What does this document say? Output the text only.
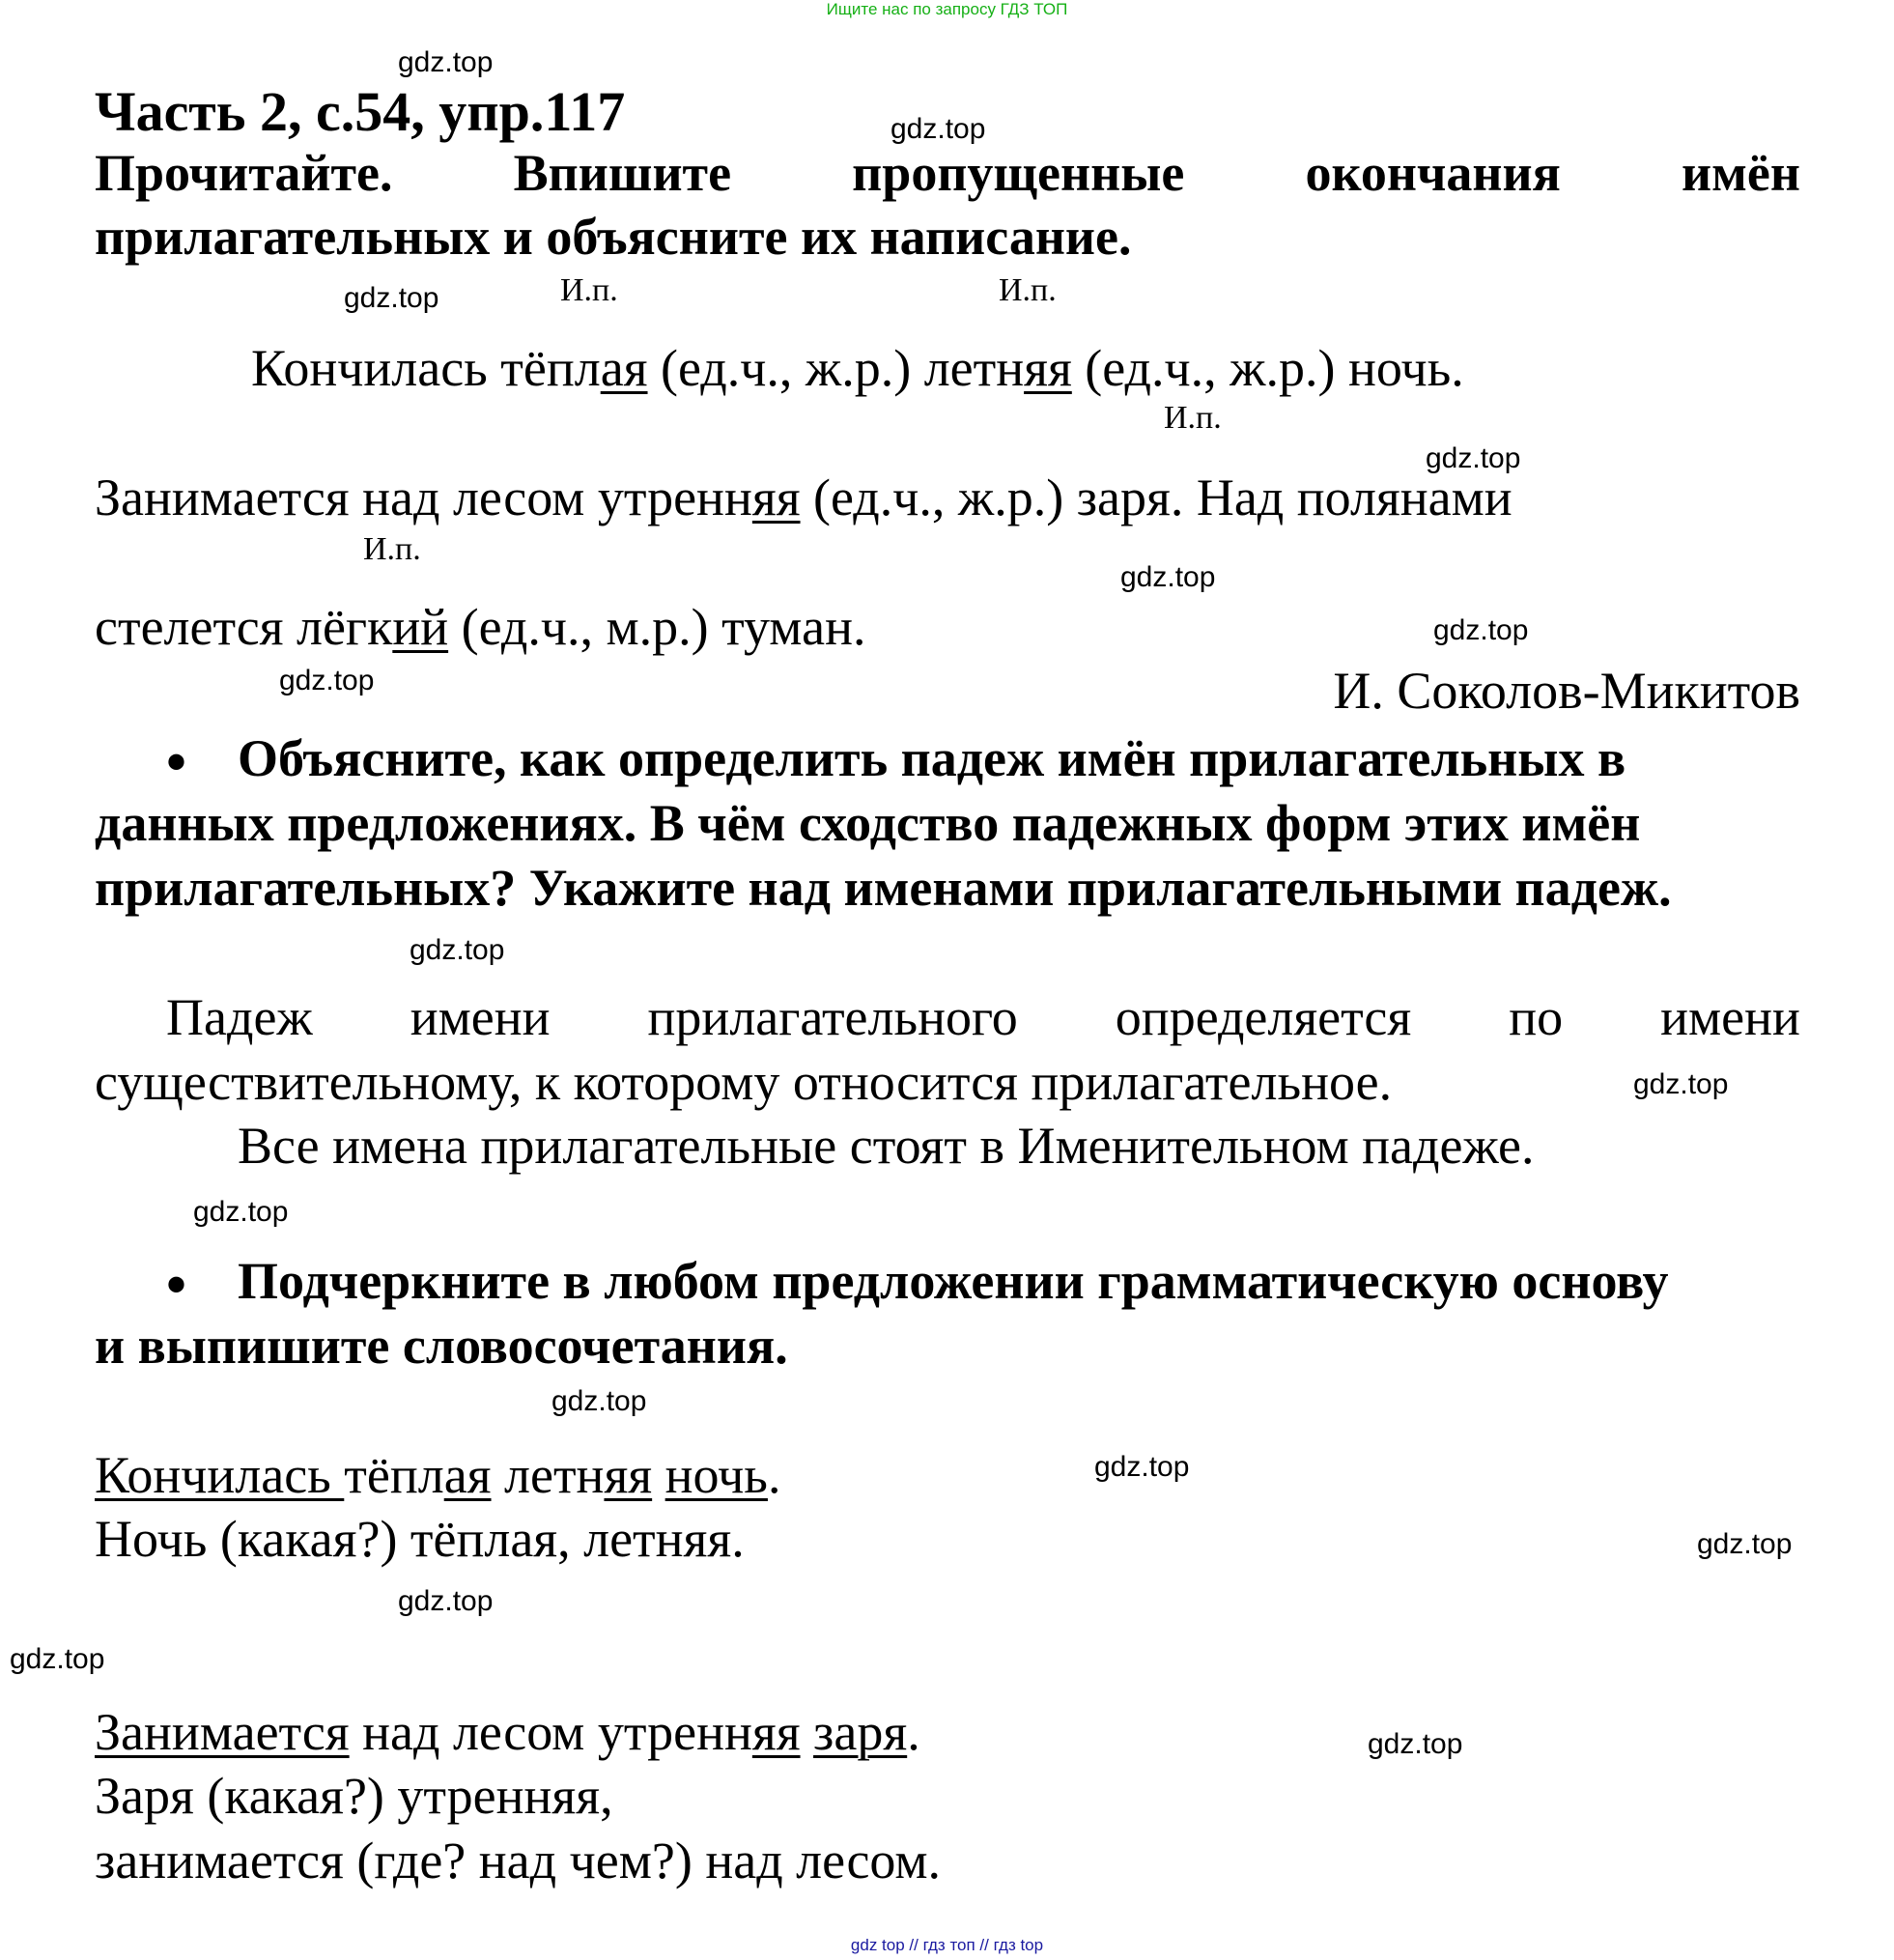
Ищите нас по запросу ГДЗ ТОП
gdz top // гдз топ // гдз top
gdz.top
gdz.top
gdz.top
gdz.top
gdz.top
gdz.top
gdz.top
gdz.top
gdz.top
gdz.top
gdz.top
gdz.top
gdz.top
gdz.top
gdz.top
gdz.top
Часть 2, с.54, упр.117
Прочитайте. Впишите пропущенные окончания имён
прилагательных и объясните их написание.
И.п.	И.п.
И.п.
И.п.
Кончилась тёплая (ед.ч., ж.р.) летняя (ед.ч., ж.р.) ночь.
Занимается над лесом утренняя (ед.ч., ж.р.) заря. Над полянами
стелется лёгкий (ед.ч., м.р.) туман.
И. Соколов-Микитов
• Объясните, как определить падеж имён прилагательных в
данных предложениях. В чём сходство падежных форм этих имён
прилагательных? Укажите над именами прилагательными падеж.
Падеж имени прилагательного определяется по имени
существительному, к которому относится прилагательное.
Все имена прилагательные стоят в Именительном падеже.
• Подчеркните в любом предложении грамматическую основу
и выпишите словосочетания.
Кончилась тёплая летняя ночь.
Ночь (какая?) тёплая, летняя.
Занимается над лесом утренняя заря.
Заря (какая?) утренняя,
занимается (где? над чем?) над лесом.
